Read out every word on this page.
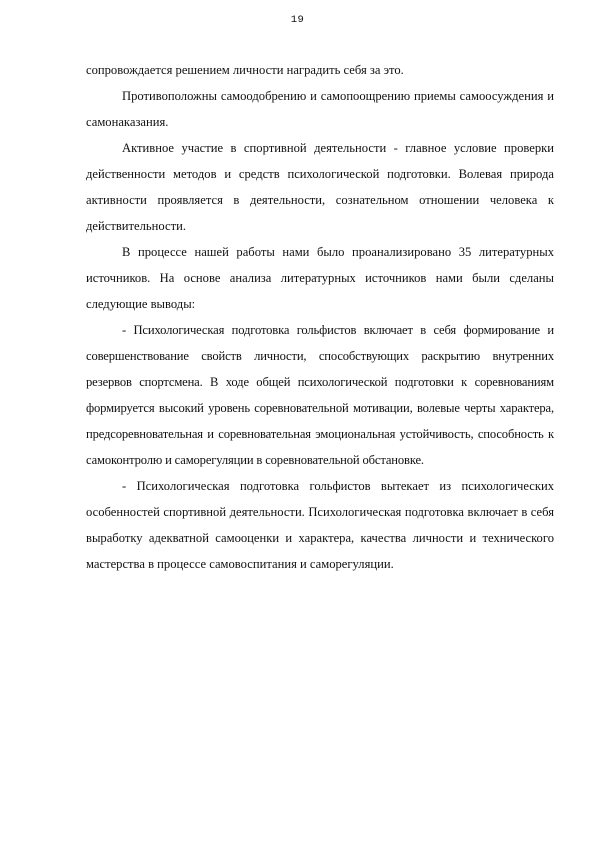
19

сопровождается решением личности наградить себя за это.

Противоположны самоодобрению и самопоощрению приемы самоосуждения и самонаказания.

Активное участие в спортивной деятельности - главное условие проверки действенности методов и средств психологической подготовки. Волевая природа активности проявляется в деятельности, сознательном отношении человека к действительности.

В процессе нашей работы нами было проанализировано 35 литературных источников. На основе анализа литературных источников нами были сделаны следующие выводы:

- Психологическая подготовка гольфистов включает в себя формирование и совершенствование свойств личности, способствующих раскрытию внутренних резервов спортсмена. В ходе общей психологической подготовки к соревнованиям формируется высокий уровень соревновательной мотивации, волевые черты характера, предсоревновательная и соревновательная эмоциональная устойчивость, способность к самоконтролю и саморегуляции в соревновательной обстановке.

- Психологическая подготовка гольфистов вытекает из психологических особенностей спортивной деятельности. Психологическая подготовка включает в себя выработку адекватной самооценки и характера, качества личности и технического мастерства в процессе самовоспитания и саморегуляции.
